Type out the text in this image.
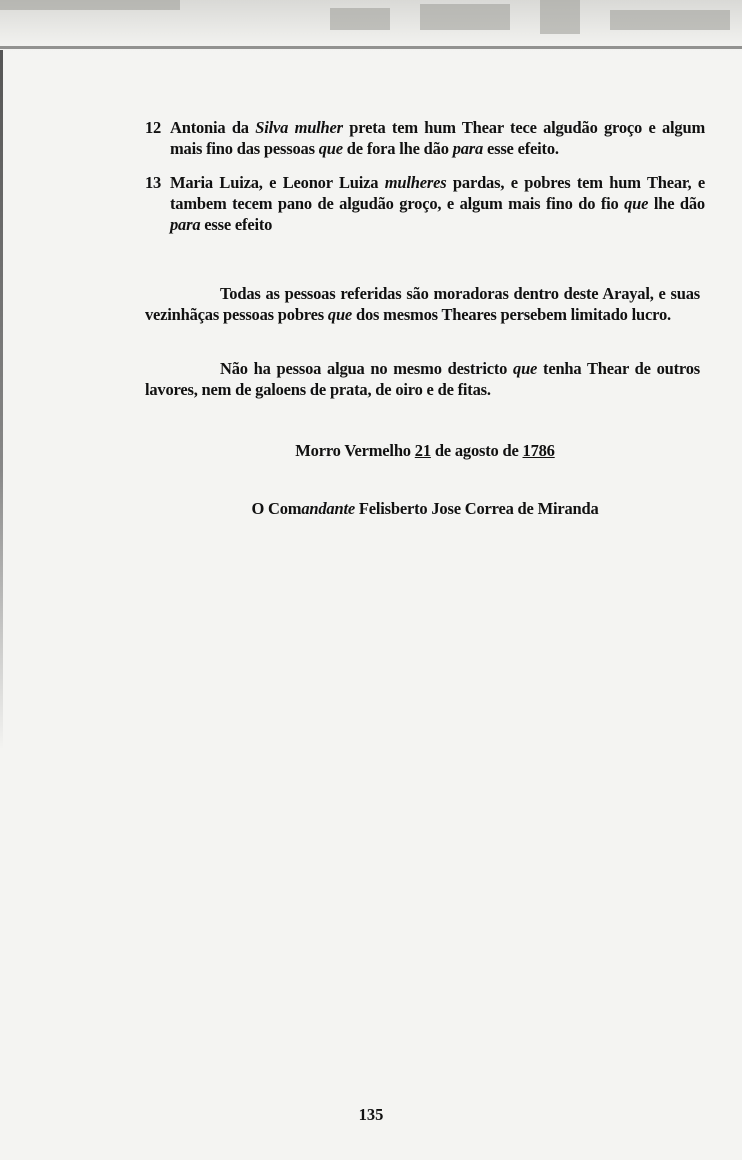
12 Antonia da Silva mulher preta tem hum Thear tece algudão groço e algum mais fino das pessoas que de fora lhe dão para esse efeito.
13 Maria Luiza, e Leonor Luiza mulheres pardas, e pobres tem hum Thear, e tambem tecem pano de algudão groço, e algum mais fino do fio que lhe dão para esse efeito
Todas as pessoas referidas são moradoras dentro deste Arayal, e suas vezinhãças pessoas pobres que dos mesmos Theares persebem limitado lucro.
Não ha pessoa algua no mesmo destricto que tenha Thear de outros lavores, nem de galoens de prata, de oiro e de fitas.
Morro Vermelho 21 de agosto de 1786
O Comandante Felisberto Jose Correa de Miranda
135
